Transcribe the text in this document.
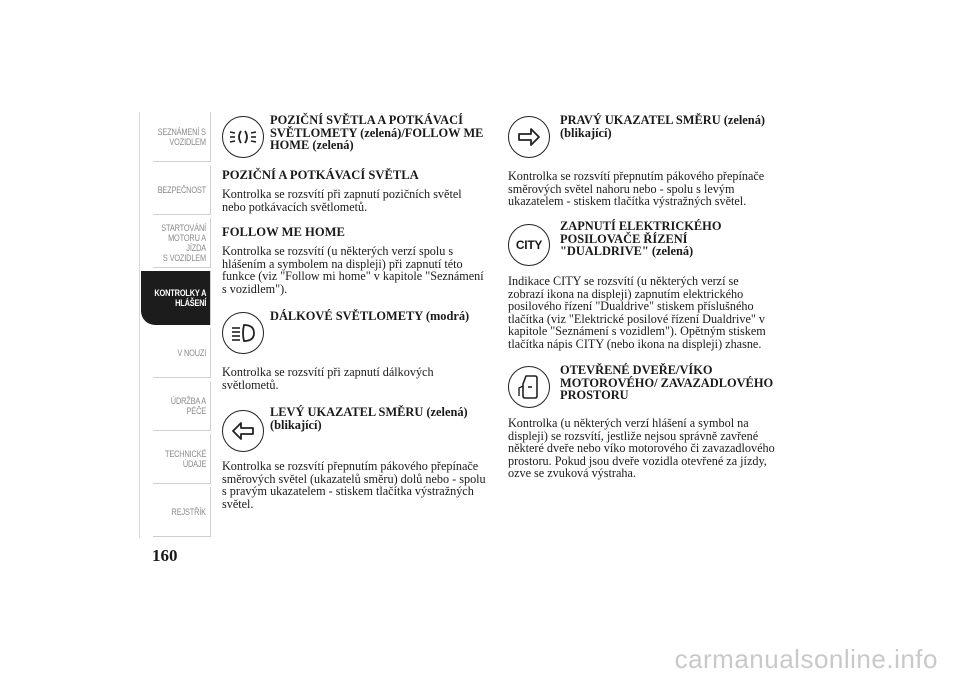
SEZNÁMENÍ S
VOZIDLEM
BEZPEČNOST
STARTOVÁNÍ
MOTORU A JÍZDA
S VOZIDLEM
KONTROLKY A
HLÁŠENÍ
V NOUZI
ÚDRŽBA A PÉČE
TECHNICKÉ
ÚDAJE
REJSTŘÍK
160
POZIČNÍ SVĚTLA A POTKÁVACÍ SVĚTLOMETY (zelená)/FOLLOW ME HOME (zelená)
POZIČNÍ A POTKÁVACÍ SVĚTLA

Kontrolka se rozsvítí při zapnutí pozičních světel nebo potkávacích světlometů.

FOLLOW ME HOME

Kontrolka se rozsvítí (u některých verzí spolu s hlášením a symbolem na displeji) při zapnutí této funkce (viz "Follow mi home" v kapitole "Seznámení s vozidlem").

DÁLKOVÉ SVĚTLOMETY (modrá)

Kontrolka se rozsvítí při zapnutí dálkových světlometů.

LEVÝ UKAZATEL SMĚRU (zelená) (blikající)

Kontrolka se rozsvítí přepnutím pákového přepínače směrových světel (ukazatelů směru) dolů nebo - spolu s pravým ukazatelem - stiskem tlačítka výstražných světel.

PRAVÝ UKAZATEL SMĚRU (zelená) (blikající)

Kontrolka se rozsvítí přepnutím pákového přepínače směrových světel nahoru nebo - spolu s levým ukazatelem - stiskem tlačítka výstražných světel.

CITY
ZAPNUTÍ ELEKTRICKÉHO POSILOVAČE ŘÍZENÍ "DUALDRIVE" (zelená)

Indikace CITY se rozsvítí (u některých verzí se zobrazí ikona na displeji) zapnutím elektrického posilového řízení "Dualdrive" stiskem příslušného tlačítka (viz "Elektrické posilové řízení Dualdrive" v kapitole "Seznámení s vozidlem"). Opětným stiskem tlačítka nápis CITY (nebo ikona na displeji) zhasne.

OTEVŘENÉ DVEŘE/VÍKO MOTOROVÉHO/ ZAVAZADLOVÉHO PROSTORU

Kontrolka (u některých verzí hlášení a symbol na displeji) se rozsvítí, jestliže nejsou správně zavřené některé dveře nebo víko motorového či zavazadlového prostoru. Pokud jsou dveře vozidla otevřené za jízdy, ozve se zvuková výstraha.

carmanualsonline.info
